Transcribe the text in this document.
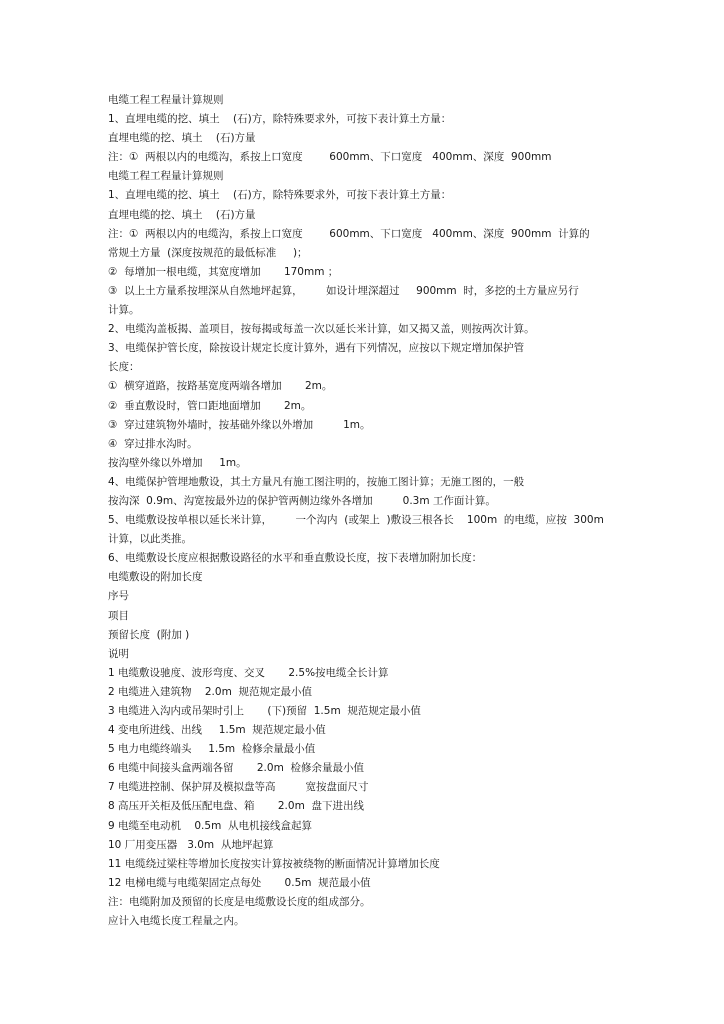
电缆工程工程量计算规则
1、直埋电缆的挖、填土    (石)方，除特殊要求外，可按下表计算土方量：
直埋电缆的挖、填土    (石)方量
注：①  两根以内的电缆沟，系按上口宽度        600mm、下口宽度   400mm、深度  900mm
电缆工程工程量计算规则
1、直埋电缆的挖、填土    (石)方，除特殊要求外，可按下表计算土方量：
直埋电缆的挖、填土    (石)方量
注：①  两根以内的电缆沟，系按上口宽度        600mm、下口宽度   400mm、深度  900mm  计算的
常规土方量  (深度按规范的最低标准     )；
②  每增加一根电缆，其宽度增加       170mm ；
③  以上土方量系按埋深从自然地坪起算，       如设计埋深超过     900mm  时，多挖的土方量应另行
计算。
2、电缆沟盖板揭、盖项目，按每揭或每盖一次以延长米计算，如又揭又盖，则按两次计算。
3、电缆保护管长度，除按设计规定长度计算外，遇有下列情况，应按以下规定增加保护管
长度：
①  横穿道路，按路基宽度两端各增加       2m。
②  垂直敷设时，管口距地面增加       2m。
③  穿过建筑物外墙时，按基础外缘以外增加         1m。
④  穿过排水沟时。
按沟壁外缘以外增加     1m。
4、电缆保护管埋地敷设，其土方量凡有施工图注明的，按施工图计算；无施工图的，一般
按沟深  0.9m、沟宽按最外边的保护管两侧边缘外各增加         0.3m 工作面计算。
5、电缆敷设按单根以延长米计算，       一个沟内  (或架上  )敷设三根各长    100m  的电缆，应按  300m
计算，以此类推。
6、电缆敷设长度应根据敷设路径的水平和垂直敷设长度，按下表增加附加长度：
电缆敷设的附加长度
序号
项目
预留长度  (附加 )
说明
1 电缆敷设驰度、波形弯度、交叉       2.5%按电缆全长计算
2 电缆进入建筑物    2.0m  规范规定最小值
3 电缆进入沟内或吊架时引上       (下)预留  1.5m  规范规定最小值
4 变电所进线、出线     1.5m  规范规定最小值
5 电力电缆终端头     1.5m  检修余量最小值
6 电缆中间接头盒两端各留       2.0m  检修余量最小值
7 电缆进控制、保护屏及模拟盘等高         宽按盘面尺寸
8 高压开关柜及低压配电盘、箱       2.0m  盘下进出线
9 电缆至电动机    0.5m  从电机接线盒起算
10 厂用变压器   3.0m  从地坪起算
11 电缆绕过梁柱等增加长度按实计算按被绕物的断面情况计算增加长度
12 电梯电缆与电缆架固定点每处       0.5m  规范最小值
注：电缆附加及预留的长度是电缆敷设长度的组成部分。
应计入电缆长度工程量之内。
